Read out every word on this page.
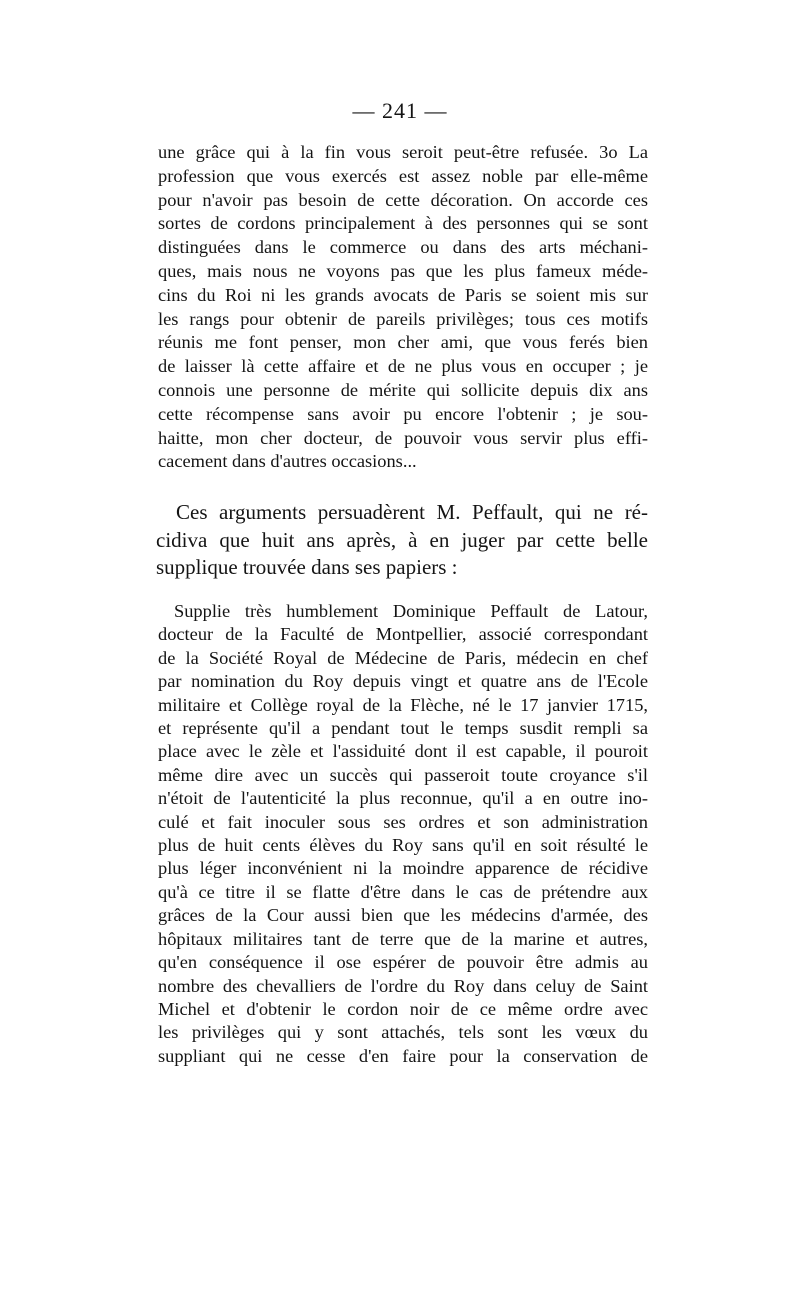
— 241 —
une grâce qui à la fin vous seroit peut-être refusée. 3o La
profession que vous exercés est assez noble par elle-même
pour n'avoir pas besoin de cette décoration. On accorde ces
sortes de cordons principalement à des personnes qui se sont
distinguées dans le commerce ou dans des arts méchani-
ques, mais nous ne voyons pas que les plus fameux méde-
cins du Roi ni les grands avocats de Paris se soient mis sur
les rangs pour obtenir de pareils privilèges; tous ces motifs
réunis me font penser, mon cher ami, que vous ferés bien
de laisser là cette affaire et de ne plus vous en occuper ; je
connois une personne de mérite qui sollicite depuis dix ans
cette récompense sans avoir pu encore l'obtenir ; je sou-
haitte, mon cher docteur, de pouvoir vous servir plus effi-
cacement dans d'autres occasions...
Ces arguments persuadèrent M. Peffault, qui ne ré-
cidiva que huit ans après, à en juger par cette belle
supplique trouvée dans ses papiers :
Supplie très humblement Dominique Peffault de Latour,
docteur de la Faculté de Montpellier, associé correspondant
de la Société Royal de Médecine de Paris, médecin en chef
par nomination du Roy depuis vingt et quatre ans de l'Ecole
militaire et Collège royal de la Flèche, né le 17 janvier 1715,
et représente qu'il a pendant tout le temps susdit rempli sa
place avec le zèle et l'assiduité dont il est capable, il pouroit
même dire avec un succès qui passeroit toute croyance s'il
n'étoit de l'autenticité la plus reconnue, qu'il a en outre ino-
culé et fait inoculer sous ses ordres et son administration
plus de huit cents élèves du Roy sans qu'il en soit résulté le
plus léger inconvénient ni la moindre apparence de récidive
qu'à ce titre il se flatte d'être dans le cas de prétendre aux
grâces de la Cour aussi bien que les médecins d'armée, des
hôpitaux militaires tant de terre que de la marine et autres,
qu'en conséquence il ose espérer de pouvoir être admis au
nombre des chevalliers de l'ordre du Roy dans celuy de Saint
Michel et d'obtenir le cordon noir de ce même ordre avec
les privilèges qui y sont attachés, tels sont les vœux du
suppliant qui ne cesse d'en faire pour la conservation de
